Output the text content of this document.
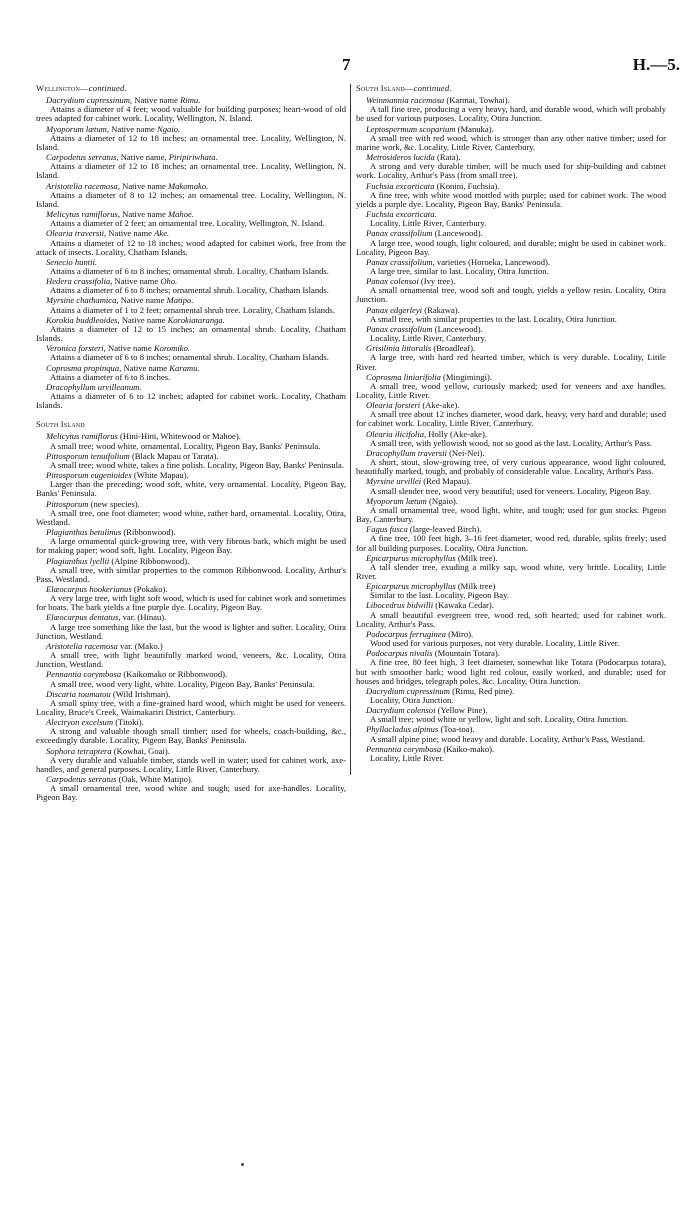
7	H.—5.
Wellington—continued.
Dacrydium cupressinum, Native name Rimu.
Attains a diameter of 4 feet; wood valuable for building purposes; heart-wood of old trees adapted for cabinet work. Locality, Wellington, N. Island.
Myoporum lætum, Native name Ngaio.
Attains a diameter of 12 to 18 inches; an ornamental tree. Locality, Wellington, N. Island.
Carpodetus serratus, Native name, Piripiriwhata.
Attains a diameter of 12 to 18 inches; an ornamental tree. Locality, Wellington, N. Island.
Aristotelia racemosa, Native name Makomako.
Attains a diameter of 8 to 12 inches; an ornamental tree. Locality, Wellington, N. Island.
Melicytus ramiflorus, Native name Mahoe.
Attains a diameter of 2 feet; an ornamental tree. Locality, Wellington, N. Island.
Olearia traversii, Native name Ake.
Attains a diameter of 12 to 18 inches; wood adapted for cabinet work, free from the attack of insects. Locality, Chatham Islands.
Senecio huntii.
Attains a diameter of 6 to 8 inches; ornamental shrub. Locality, Chatham Islands.
Hedera crassifolia, Native name Oho.
Attains a diameter of 6 to 8 inches; ornamental shrub. Locality, Chatham Islands.
Myrsine chathamica, Native name Matipo.
Attains a diameter of 1 to 2 feet; ornamental shrub tree. Locality, Chatham Islands.
Korokia buddleoides, Native name Korokiataranga.
Attains a diameter of 12 to 15 inches; an ornamental shrub. Locality, Chatham Islands.
Veronica forsteri, Native name Koromiko.
Attains a diameter of 6 to 8 inches; ornamental shrub. Locality, Chatham Islands.
Coprosma propinqua, Native name Karamu.
Attains a diameter of 6 to 8 inches.
Dracophyllum urvilleanum.
Attains a diameter of 6 to 12 inches; adapted for cabinet work. Locality, Chatham Islands.
South Island
Melicytus ramiflorus (Hini-Hini, Whitewood or Mahoe).
A small tree; wood white, ornamental. Locality, Pigeon Bay, Banks' Peninsula.
Pittosporum tenuifolium (Black Mapau or Tarata).
A small tree; wood white, takes a fine polish. Locality, Pigeon Bay, Banks' Peninsula.
Pittosporum eugenioides (White Mapau).
Larger than the preceding; wood soft, white, very ornamental. Locality, Pigeon Bay, Banks' Peninsula.
Pittosporum (new species).
A small tree, one foot diameter; wood white, rather hard, ornamental. Locality, Otira, Westland.
Plagianthus betulinus (Ribbonwood).
A large ornamental quick-growing tree, with very fibrous bark, which might be used for making paper; wood soft, light. Locality, Pigeon Bay.
Plagianthus lyellii (Alpine Ribbonwood).
A small tree, with similar properties to the common Ribbonwood. Locality, Arthur's Pass, Westland.
Elæocarpus hookerianus (Pokako).
A very large tree, with light soft wood, which is used for cabinet work and sometimes for boats. The bark yields a fine purple dye. Locality, Pigeon Bay.
Elæocarpus dentatus, var. (Hinau).
A large tree something like the last, but the wood is lighter and softer. Locality, Otira Junction, Westland.
Aristotelia racemosa var. (Mako.)
A small tree, with light beautifully marked wood, veneers, &c. Locality, Otira Junction, Westland.
Pennantia corymbosa (Kaikomako or Ribbonwood).
A small tree, wood very light, white. Locality, Pigeon Bay, Banks' Peninsula.
Discaria toumatou (Wild Irishman).
A small spiny tree, with a fine-grained hard wood, which might be used for veneers. Locality, Bruce's Creek, Waimakariri District, Canterbury.
Alectryon excelsum (Titoki).
A strong and valuable though small timber; used for wheels, coach-building, &c., exceedingly durable. Locality, Pigeon Bay, Banks' Peninsula.
Sophora tetraptera (Kowhai, Goai).
A very durable and valuable timber, stands well in water; used for cabinet work, axe-handles, and general purposes. Locality, Little River, Canterbury.
Carpodetus serratus (Oak, White Matipo).
A small ornamental tree, wood white and tough; used for axe-handles. Locality, Pigeon Bay.
South Island—continued.
Weinmannia racemosa (Karmai, Towhai).
A tall fine tree, producing a very heavy, hard, and durable wood, which will probably be used for various purposes. Locality, Otira Junction.
Leptospermum scoparium (Manuka).
A small tree with red wood, which is stronger than any other native timber; used for marine work, &c. Locality, Little River, Canterbury.
Metrosideros lucida (Rata).
A strong and very durable timber, will be much used for ship-building and cabinet work. Locality, Arthur's Pass (from small tree).
Fuchsia excorticata (Konini, Fuchsia).
A fine tree, with white wood mottled with purple; used for cabinet work. The wood yields a purple dye. Locality, Pigeon Bay, Banks' Peninsula.
Fuchsia excorticata.
Locality, Little River, Canterbury.
Panax crassifolium (Lancewood).
A large tree, wood tough, light coloured, and durable; might be used in cabinet work. Locality, Pigeon Bay.
Panax crassifolium, varieties (Horoeka, Lancewood).
A large tree, similar to last. Locality, Otira Junction.
Panax colensoi (Ivy tree).
A small ornamental tree, wood soft and tough, yields a yellow resin. Locality, Otira Junction.
Panax edgerleyi (Rakawa).
A small tree, with similar properties to the last. Locality, Otira Junction.
Panax crassifolium (Lancewood).
Locality, Little River, Canterbury.
Grisilinia littoralis (Broadleaf).
A large tree, with hard red hearted timber, which is very durable. Locality, Little River.
Coprosma liniarifolia (Mingimingi).
A small tree, wood yellow, curiously marked; used for veneers and axe handles. Locality, Little River.
Olearia forsteri (Ake-ake).
A small tree about 12 inches diameter, wood dark, heavy, very hard and durable; used for cabinet work. Locality, Little River, Canterbury.
Olearia ilicifolia, Holly (Ake-ake).
A small tree, with yellowish wood, not so good as the last. Locality, Arthur's Pass.
Dracophyllum traversii (Nei-Nei).
A short, stout, slow-growing tree, of very curious appearance, wood light coloured, beautifully marked, tough, and probably of considerable value. Locality, Arthur's Pass.
Myrsine urvillei (Red Mapau).
A small slender tree, wood very beautiful; used for veneers. Locality, Pigeon Bay.
Myoporum lætum (Ngaio).
A small ornamental tree, wood light, white, and tough; used for gun stocks. Pigeon Bay, Canterbury.
Fagus fusca (large-leaved Birch).
A fine tree, 100 feet high, 3–16 feet diameter, wood red, durable, splits freely; used for all building purposes. Locality, Otira Junction.
Epicarpurus microphyllus (Milk tree).
A tall slender tree, exuding a milky sap, wood white, very brittle. Locality, Little River.
Epicarpurus microphyllus (Milk tree)
Similar to the last. Locality, Pigeon Bay.
Libocedrus bidwilli (Kawaka Cedar).
A small beautiful evergreen tree, wood red, soft hearted; used for cabinet work. Locality, Arthur's Pass.
Podocarpus ferruginea (Miro).
Wood used for various purposes, not very durable. Locality, Little River.
Podocarpus nivalis (Mountain Totara).
A fine tree, 80 feet high, 3 feet diameter, somewhat like Totara (Podocarpus totara), but with smoother bark; wood light red colour, easily worked, and durable; used for houses and bridges, telegraph poles, &c. Locality, Otira Junction.
Dacrydium cupressinum (Rimu, Red pine).
Locality, Otira Junction.
Dacrydium colensoi (Yellow Pine).
A small tree; wood white or yellow, light and soft. Locality, Otira Junction.
Phyllocladus alpinus (Toa-toa).
A small alpine pine; wood heavy and durable. Locality, Arthur's Pass, Westland.
Pennantia corymbosa (Kaiko-mako).
Locality, Little River.
